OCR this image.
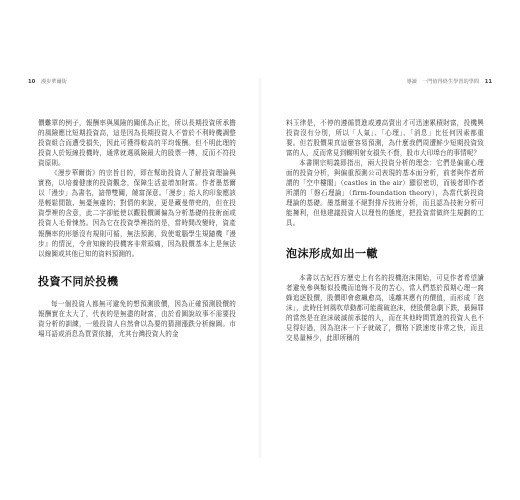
10 漫步華爾街

價難單的例子，報酬率與風險的關係為正比，所以長期投資所承擔的風險應比短期投資高，這是因為長期投資人不曾於不利時機調整投資組合而遭受損失，因此可獲得較高的平均報酬。但不明此理的投資人於短線投機時，通常就選風險最大的股票一搏，反而不符投資原則。

《漫步華爾街》的宗旨目的，即在幫助投資人了解投資理論與實務，以培養健康的投資觀念，保障生活並增加財富。作者墨基爾以「漫步」為書名，諳帶雙關，饒富深意。「漫步」給人的印象應該是輕鬆閒散、無憂無慮的；對情的來說，更是藏曼帶兜的，但在投資學裡的含意，此二字卻能使以觀股價圖偏為分析基礎的技術面或投資人毛骨悚然。因為它在投資學裡指的是，當時間改變時，資產報酬率的形態沒有規則可循，無法預測，致使電腦學生規隨機『漫步』的情況，令倉知線的投機客非常頭痛，因為股價基本上是無法以線圖或其他已知的資料預測的。

投資不同於投機

每一個投資人都無可避免的想預測股價，因為正確預測股價的報酬實在太大了，代表的是無盡的財富，由於看圖說故事不需要投資分析的訓練，一般投資人自然會以為要的猜測漲跌分析線圖。市場耳語或消息為買賣依據，尤其台灣投資人的金

導讀　一門值得終生學習的學問 11

料玉律是，不停的遵循買進或遵高賣出才可迅速累積財富，投機興投資沒有分別，所以「人氣」、「心理」、「消息」比任何因素都重要。但若股價果真這麼容易預測，為什麼我們周遭鮮少短期投資致富的人，反而常見到輾明射女損失不貲，股市大印埠台的事情呢？

本書開宗明義即指出，兩大投資分析的理念：它們是偏重心理面的投資分析，與偏重預測公司表現的基本面分析，前者與作者所謂的「空中樓閣」（castles in the air）顯很密切，而後者即作者所謂的「磐石理論」（firm-foundation theory），為當代新投資理論的基礎。墨基爾並不絕對排斥技術分析，而且認為技術分析可能擁利，但他建議投資人以理性的態度，把投資當做終生規劃的工具。

泡沫形成如出一轍

本書以古紀西方歷史上有名的投機泡沫開始，可見作者希望讀者避免參與類似投機而追悔不及的苦心，當人們基於預期心理一窩蜂追逐股價，股價即會愈飆愈高，遠離其應有的價值，而形成「泡沫」，此時任何風吹草動都可能震破泡沫，使股價急劇下跌，最歸罪的當然是在泡沫破滅前承接的人，而在其他時間買進的投資人也不見得好過，因為泡沫一下子就破了，價格下跌速度非常之快，而且交易量極少，此即所稱的
